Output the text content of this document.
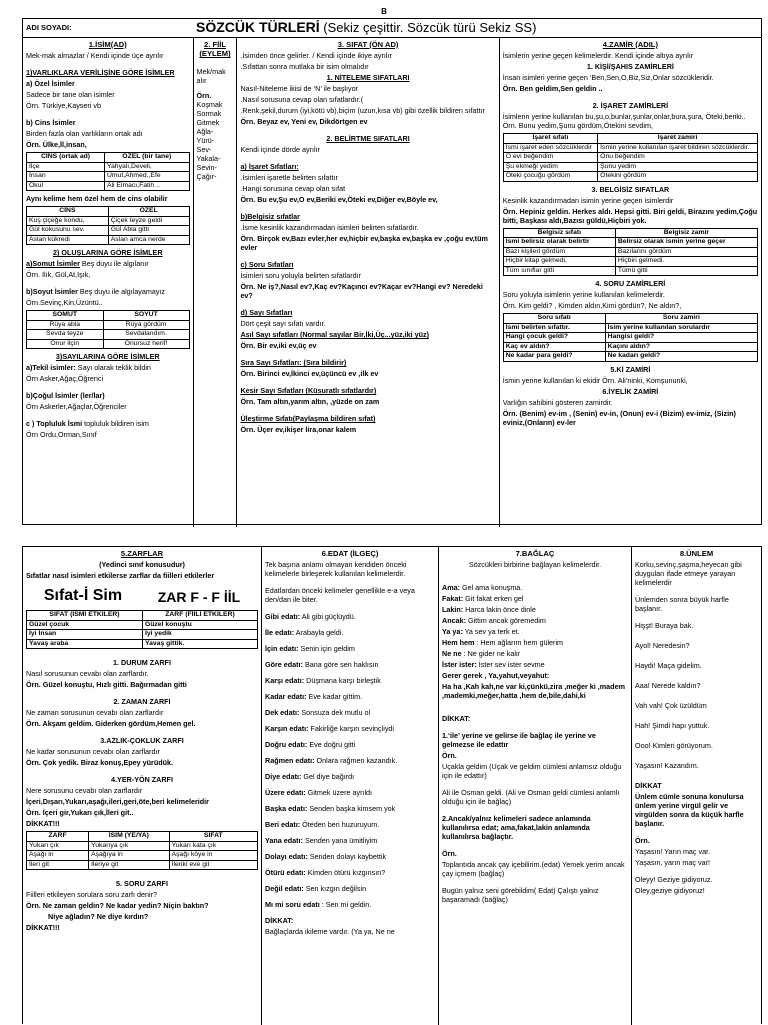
B
ADI SOYADI:	SÖZCÜK TÜRLERİ (Sekiz çeşittir. Sözcük türü Sekiz SS)
1.İSİM(AD)

Mek-mak almazlar / Kendi içinde üçe ayrılır

1)VARLIKLARA VERİLİŞİNE GÖRE İSİMLER

a) Özel İsimler

Sadece bir tane olan isimler

Örn. Türkiye,Kayseri vb

b) Cins İsimler

Birden fazla olan varlıkların ortak adı

Örn. Ülke,İl,insan,

CİNS (ortak ad)	ÖZEL (bir tane)
İlçe	Yahyalı,Develi,
İnsan	Umut,Ahmed,,Efe
Okul	Ali Elmacı,Fatih ..

Aynı kelime hem özel hem de cins olabilir

CİNS	ÖZEL
Kuş çiçeğe kondu,	Çiçek teyze geldi
Gül kokusunu sev.	Gül Abla gitti
Aslan kükredi	Aslan amca nerde

2) OLUŞLARINA GÖRE İSİMLER

a)Somut İsimler Beş duyu ile algılanır

Örn. Ilık, Gül,At,Işık,

b)Soyut İsimler Beş duyu ile algılayamayız

Örn.Sevinç,Kin,Üzüntü..

SOMUT	SOYUT
Rüya abla	Rüya gördüm
Sevda teyze	Sevdalandım.
Onur ilçin	Onursuz herif!

3)SAYILARINA GÖRE İSİMLER

a)Tekil isimler: Sayı olarak teklik bildiri

Örn Asker,Ağaç,Öğrenci

b)Çoğul İsimler (ler/lar)

Örn Askerler,Ağaçlar,Öğrenciler

c ) Topluluk İsmi topluluk bildiren isim

Örn Ordu,Orman,Sınıf

2. FİİL (EYLEM)

Mek/mak alır

Örn.

Koşmak

Sormak

Gitmek

Ağla-

Yürü-

Sev-

Yakala-

Sevin-

Çağır-

3. SIFAT (ÖN AD)

.İsimden önce gelirler. / Kendi içinde ikiye ayrılır

.Sıfattan sonra mutlaka bir isim olmalıdır

1. NİTELEME SIFATLARI

Nasıl-Niteleme ikisi de ‘N’ ile başlıyor

.Nasıl sorusuna cevap olan sıfatlardır.(

.Renk,şekil,durum (iyi,kötü vb),biçim (uzun,kısa vb) gibi özellik bildiren sıfattır

Örn. Beyaz ev, Yeni ev, Dikdörtgen ev

2. BELİRTME SIFATLARI

Kendi içinde dörde ayrılır

a) İşaret Sıfatları:

.İsimleri işaretle belirten sıfattır

.Hangi sorusuna cevap olan sıfat

Örn. Bu ev,Şu ev,O ev,Beriki ev,Öteki ev,Diğer ev,Böyle ev,

b)Belgisiz sıfatlar

.İsme kesinlik kazandırmadan isimleri belirten sıfatlardır.

Örn. Birçok ev,Bazı evler,her ev,hiçbir ev,başka ev,başka ev ,çoğu ev,tüm evler

c) Soru Sıfatları

İsimleri soru yoluyla belirten sıfatlardır

Örn. Ne iş?,Nasıl ev?,Kaç ev?Kaçıncı ev?Kaçar ev?Hangi ev? Neredeki ev?

d) Sayı Sıfatları

Dört çeşit sayı sıfatı vardır.

Asıl Sayı sıfatları (Normal sayılar Bir,İki,Üç...yüz,iki yüz)

Örn. Bir ev,iki ev,üç ev

Sıra Sayı Sıfatları: (Sıra bildirir)

Örn. Birinci ev,İkinci ev,üçüncü ev ,ilk ev

Kesir Sayı Sıfatları (Küsuratlı sıfatlardır)

Örn. Tam altın,yarım altın, ,yüzde on zam

Üleştirme Sıfatı(Paylaşma bildiren sıfat)

Örn. Üçer ev,ikişer lira,onar kalem

4.ZAMİR (ADIL)

İsimlerin yerine geçen kelimelerdir. Kendi içinde altıya ayrılır

1. KİŞİ/ŞAHIS ZAMİRLERİ

İnsan isimleri yerine geçen ‘Ben,Sen,O,Biz,Siz,Onlar sözcükleridir.

Örn. Ben geldim,Sen geldin ..

2. İŞARET ZAMİRLERİ

İsimlerin yerine kullanılan bu,şu,o,bunlar,şunlar,onlar,bura,şura, Öteki,beriki.. Örn. Bunu yedim,Şunu gördüm,Ötekini sevdim,

İşaret sıfatı	İşaret zamiri
İsmi işaret eden sözcüklerdir	İsmin yerine kullanılan işaret bildiren sözcüklerdir.
O evi beğendim	Onu beğendim
Şu ekmeği yedim	Şunu yedim
Öteki çocuğu gördüm	Ötekini gördüm

3. BELGİSİZ SIFATLAR

Kesinlik kazandırmadan isimin yerine geçen isimlerdir

Örn. Hepiniz geldin. Herkes aldı. Hepsi gitti. Biri geldi, Birazını yedim,Çoğu bitti, Başkası aldı,Bazısı güldü,Hiçbiri yok.

Belgisiz sıfatı	Belgisiz zamir
İsmi belirsiz olarak belirtir	Belirsiz olarak ismin yerine geçer
Bazı kişileri gördüm	Bazılarını gördüm
Hiçbir kitap gelmedi,	Hiçbiri gelmedi.
Tüm sınıflar gitti	Tümü gitti

4. SORU ZAMİRLERİ

Soru yoluyla isimlerin yerine kullanılan kelimelerdir.

Örn. Kim geldi? , Kimden aldın,Kimi gördün?, Ne aldın?,

Soru sıfatı	Soru zamiri
İsmi belirten sıfattır.	İsim yerine kullanılan sorulardır
Hangi çocuk geldi?	Hangisi geldi?
Kaç ev aldın?	Kaçını aldın?
Ne kadar para geldi?	Ne kadarı geldi?

5.Kİ ZAMİRİ

İsmin yerine kullanılan ki ekidir Örn. Ali’ninki, Komşununki,

6.İYELİK ZAMİRİ

Varlığın sahibini gösteren zamirdir.

Örn. (Benim) ev-im , (Senin) ev-in, (Onun) ev-i (Bizim) ev-imiz, (Sizin) eviniz,(Onların) ev-ler

5.ZARFLAR

(Yedinci sınıf konusudur)

Sıfatlar nasıl isimleri etkilerse zarflar da fiilleri etkilerler

Sıfat-İ Sim	ZAR F - F İİL
SIFAT (İSMİ ETKİLER)	ZARF (FİİLİ ETKİLER)
Güzel çocuk	Güzel konuştu
İyi İnsan	İyi yedik
Yavaş araba	Yavaş gittik.

1. DURUM ZARFI

Nasıl sorusunun cevabı olan zarflardır.

Örn. Güzel konuştu, Hızlı gitti. Bağırmadan gitti

2. ZAMAN ZARFI

Ne zaman sorusunun cevabı olan zarflardır

Örn. Akşam geldim. Giderken gördüm,Hemen gel.

3.AZLIK-ÇOKLUK ZARFI

Ne kadar sorusunun cevabı olan zarflardır

Örn. Çok yedik. Biraz konuş,Epey yürüdük.

4.YER-YÖN ZARFI

Nere sorusunu cevabı olan zarflardır

İçeri,Dışarı,Yukarı,aşağı,ileri,geri,öte,beri kelimeleridir

Örn. İçeri gir,Yukarı çık,İleri git..

DİKKAT!!!

ZARF	İSİM (YE/YA)	SIFAT
Yukarı çık	Yukarıya çık	Yukarı kata çık
Aşağı in	Aşağıya in	Aşağı köye in
İleri git	İleriye git	İleriki eve git

5. SORU ZARFI

Fiilleri etkileyen sorulara soru zarfı denir?

Örn. Ne zaman geldin? Ne kadar yedin? Niçin baktın?

Niye ağladın? Ne diye kırdın?

DİKKAT!!!

6.EDAT (İLGEÇ)

Tek başına anlamı olmayan kendiden önceki kelimelerle birleşerek kullanılan kelimelerdir.

Edatlardan önceki kelimeler genellikle e-a veya den/dan ile biter.

Gibi edatı: Ali gibi güçlüydü.

İle edatı: Arabayla geldi.

İçin edatı: Senin için geldim

Göre edatı: Bana göre sen haklısın

Karşı edatı: Düşmana karşı birleştik

Kadar edatı: Eve kadar gittim.

Dek edatı: Sonsuza dek mutlu ol

Karşın edatı: Fakirliğe karşın sevinçliydi

Doğru edatı: Eve doğru gitti

Rağmen edatı: Onlara rağmen kazandık.

Diye edatı: Gel diye bağırdı

Üzere edatı: Gitmek üzere ayrıldı

Başka edatı: Senden başka kimsem yok

Beri edatı: Öteden beri huzuruyum.

Yana edatı: Senden yana ümitliyim

Dolayı edatı: Senden dolayı kaybettik

Ötürü edatı: Kimden ötürü kızgınsın?

Değil edatı: Sen kızgın değilsin

Mı mi soru edatı : Sen mi geldin.

DİKKAT:

Bağlaçlarda ikileme vardır. (Ya ya, Ne ne

7.BAĞLAÇ

Sözcükleri birbirine bağlayan kelimelerdir.

Ama: Gel ama konuşma.

Fakat: Git fakat erken gel

Lakin: Harca lakin önce dinle

Ancak: Gittim ancak göremedim

Ya ya: Ya sev ya terk et.

Hem hem : Hem ağlarım hem gülerim

Ne ne : Ne gider ne kalır

İster ister: İster sev ister sevme

Gerer gerek , Ya,yahut,veyahut:

Ha ha ,Kah kah,ne var ki,çünkü,zira ,meğer ki ,madem ,mademki,meğer,hatta ,hem de,bile,dahi,ki

DİKKAT:

1.‘ile’ yerine ve gelirse ile bağlaç ile yerine ve gelmezse ile edattır

Örn.

Uçakla geldim (Uçak ve geldim cümlesi anlamsız olduğu için ile edattır)

Ali ile Osman geldi. (Ali ve Osman geldi cümlesi anlamlı olduğu için ile bağlaç)

2.Ancak/yalnız kelimeleri sadece anlamında kullanılırsa edat; ama,fakat,lakin anlamında kullanılırsa bağlaçtır.

Örn.

Toplantıda ancak çay içebilirim.(edat) Yemek yerim ancak çay içmem (bağlaç)

Bugün yalnız seni görebildim( Edat) Çalıştı yalnız başaramadı (bağlaç)

8.ÜNLEM

Korku,sevinç,şaşma,heyecan gibi duyguları ifade etmeye yarayan kelimelerdir

Ünlemden sonra büyük harfle başlanır.

Hişşt! Buraya bak.

Ayol! Neredesin?

Haydi! Maça gidelim.

Aaa! Nerede kaldın?

Vah vah! Çok üzüldüm

Hah! Şimdi hapı yuttuk.

Ooo! Kimleri görüyorum.

Yaşasın! Kazandım.

DİKKAT

Ünlem cümle sonuna konulursa ünlem yerine virgül gelir ve virgülden sonra da küçük harfle başlanır.

Örn.

Yaşasın! Yarın maç var.

Yaşasın, yarın maç var!

Oleyy! Geziye gidiyoruz.

Oley,geziye gidiyoruz!
